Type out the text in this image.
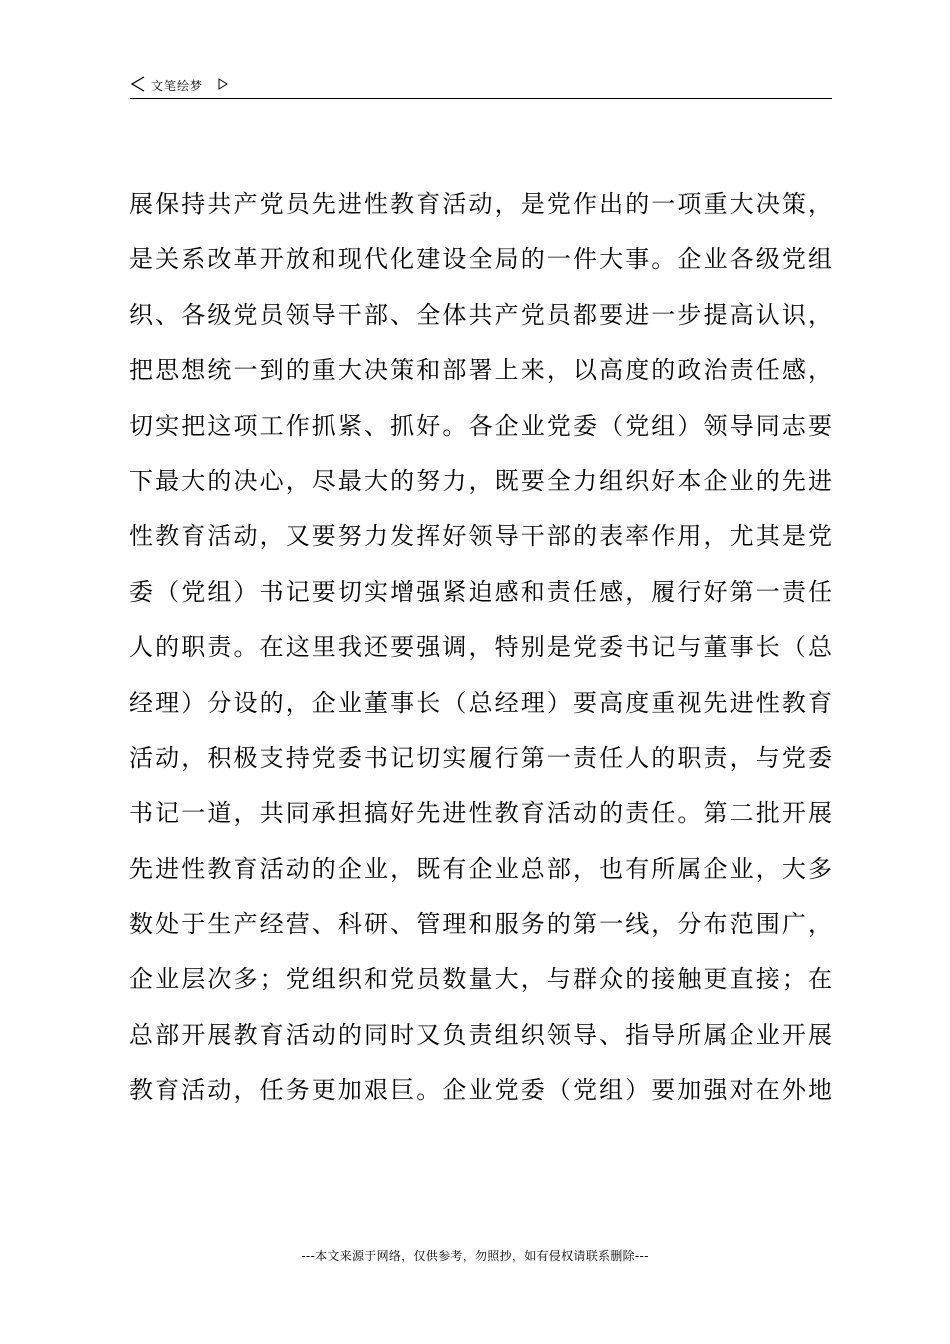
文笔绘梦
展保持共产党员先进性教育活动，是党作出的一项重大决策，
是关系改革开放和现代化建设全局的一件大事。企业各级党组
织、各级党员领导干部、全体共产党员都要进一步提高认识，
把思想统一到的重大决策和部署上来，以高度的政治责任感，
切实把这项工作抓紧、抓好。各企业党委（党组）领导同志要
下最大的决心，尽最大的努力，既要全力组织好本企业的先进
性教育活动，又要努力发挥好领导干部的表率作用，尤其是党
委（党组）书记要切实增强紧迫感和责任感，履行好第一责任
人的职责。在这里我还要强调，特别是党委书记与董事长（总
经理）分设的，企业董事长（总经理）要高度重视先进性教育
活动，积极支持党委书记切实履行第一责任人的职责，与党委
书记一道，共同承担搞好先进性教育活动的责任。第二批开展
先进性教育活动的企业，既有企业总部，也有所属企业，大多
数处于生产经营、科研、管理和服务的第一线，分布范围广，
企业层次多；党组织和党员数量大，与群众的接触更直接；在
总部开展教育活动的同时又负责组织领导、指导所属企业开展
教育活动，任务更加艰巨。企业党委（党组）要加强对在外地
---本文来源于网络，仅供参考，勿照抄，如有侵权请联系删除---
